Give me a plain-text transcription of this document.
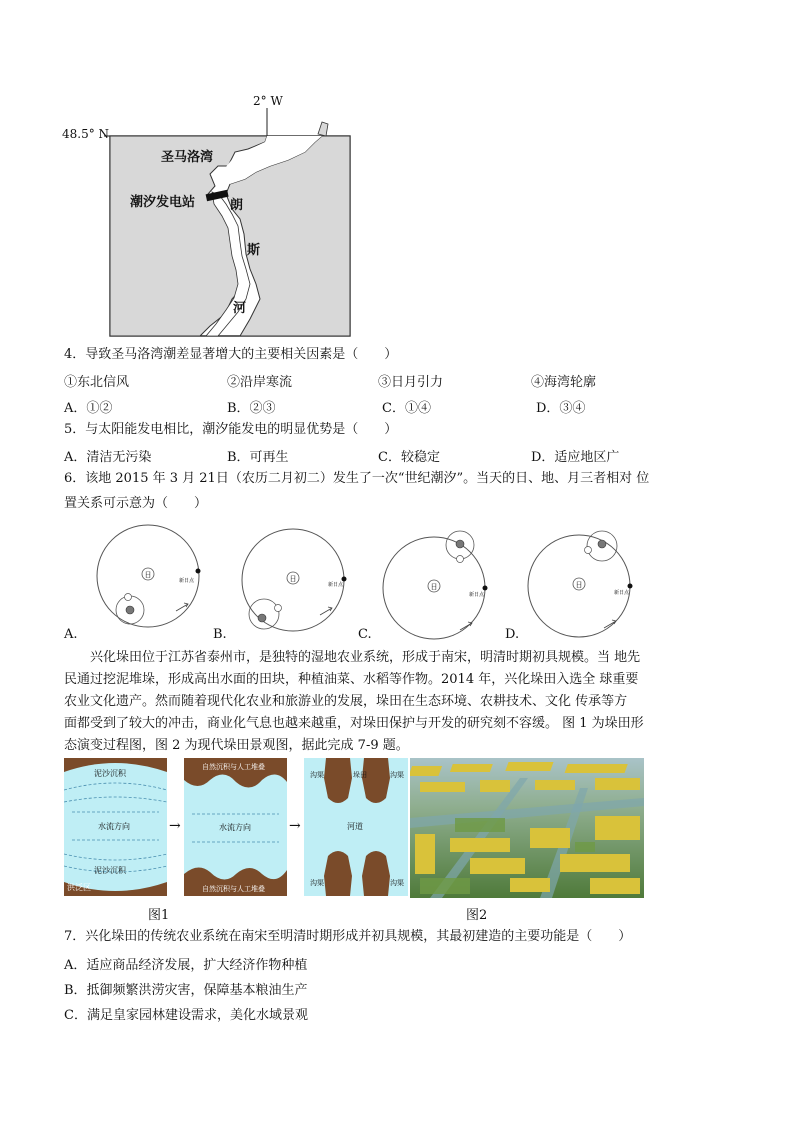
2° W
48.5° N
圣马洛湾
潮汐发电站	朗
斯
河
4．导致圣马洛湾潮差显著增大的主要相关因素是（　　）
①东北信风	②沿岸寒流	③日月引力	④海湾轮廓
A．①②	B．②③	C．①④	D．③④
5．与太阳能发电相比，潮汐能发电的明显优势是（　　）
A．清洁无污染	B．可再生	C．较稳定	D．适应地区广
6．该地 2015 年 3 月 21日（农历二月初二）发生了一次“世纪潮汐”。当天的日、地、月三者相对 位
置关系可示意为（　　）
日
新日点	日
新日点	日
新日点
日
新日点
A.	B.	C.	D.
兴化垛田位于江苏省泰州市，是独特的湿地农业系统，形成于南宋，明清时期初具规模。当 地先
民通过挖泥堆垛，形成高出水面的田块，种植油菜、水稻等作物。2014 年，兴化垛田入选全 球重要
农业文化遗产。然而随着现代化农业和旅游业的发展，垛田在生态环境、农耕技术、文化 传承等方
面都受到了较大的冲击，商业化气息也越来越重，对垛田保护与开发的研究刻不容缓。 图 1 为垛田形
态演变过程图，图 2 为现代垛田景观图，据此完成 7-9 题。
泥沙沉积
水流方向
泥沙沉积
洪泛区
→
自然沉积与人工堆叠
水流方向
自然沉积与人工堆叠
→
沟渠	垛田	沟渠
河道
沟渠	沟渠
图1	图2
7．兴化垛田的传统农业系统在南宋至明清时期形成并初具规模，其最初建造的主要功能是（　　）
A．适应商品经济发展，扩大经济作物种植
B．抵御频繁洪涝灾害，保障基本粮油生产
C．满足皇家园林建设需求，美化水域景观
